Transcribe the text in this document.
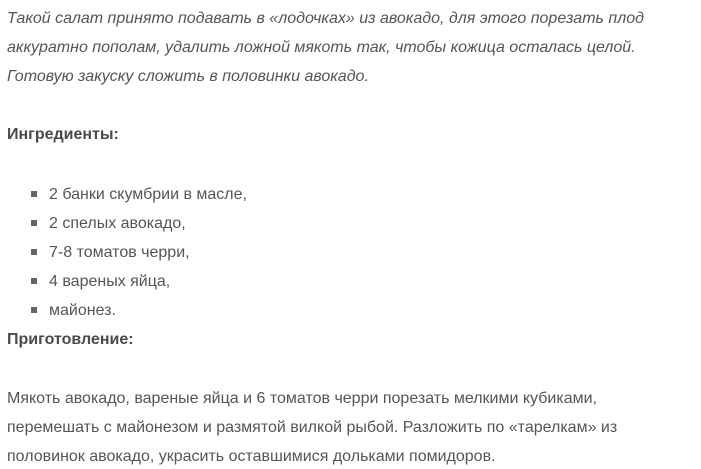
Такой салат принято подавать в «лодочках» из авокадо, для этого порезать плод
аккуратно пополам, удалить ложной мякоть так, чтобы кожица осталась целой.
Готовую закуску сложить в половинки авокадо.
Ингредиенты:
2 банки скумбрии в масле,
2 спелых авокадо,
7-8 томатов черри,
4 вареных яйца,
майонез.
Приготовление:
Мякоть авокадо, вареные яйца и 6 томатов черри порезать мелкими кубиками,
перемешать с майонезом и размятой вилкой рыбой. Разложить по «тарелкам» из
половинок авокадо, украсить оставшимися дольками помидоров.
